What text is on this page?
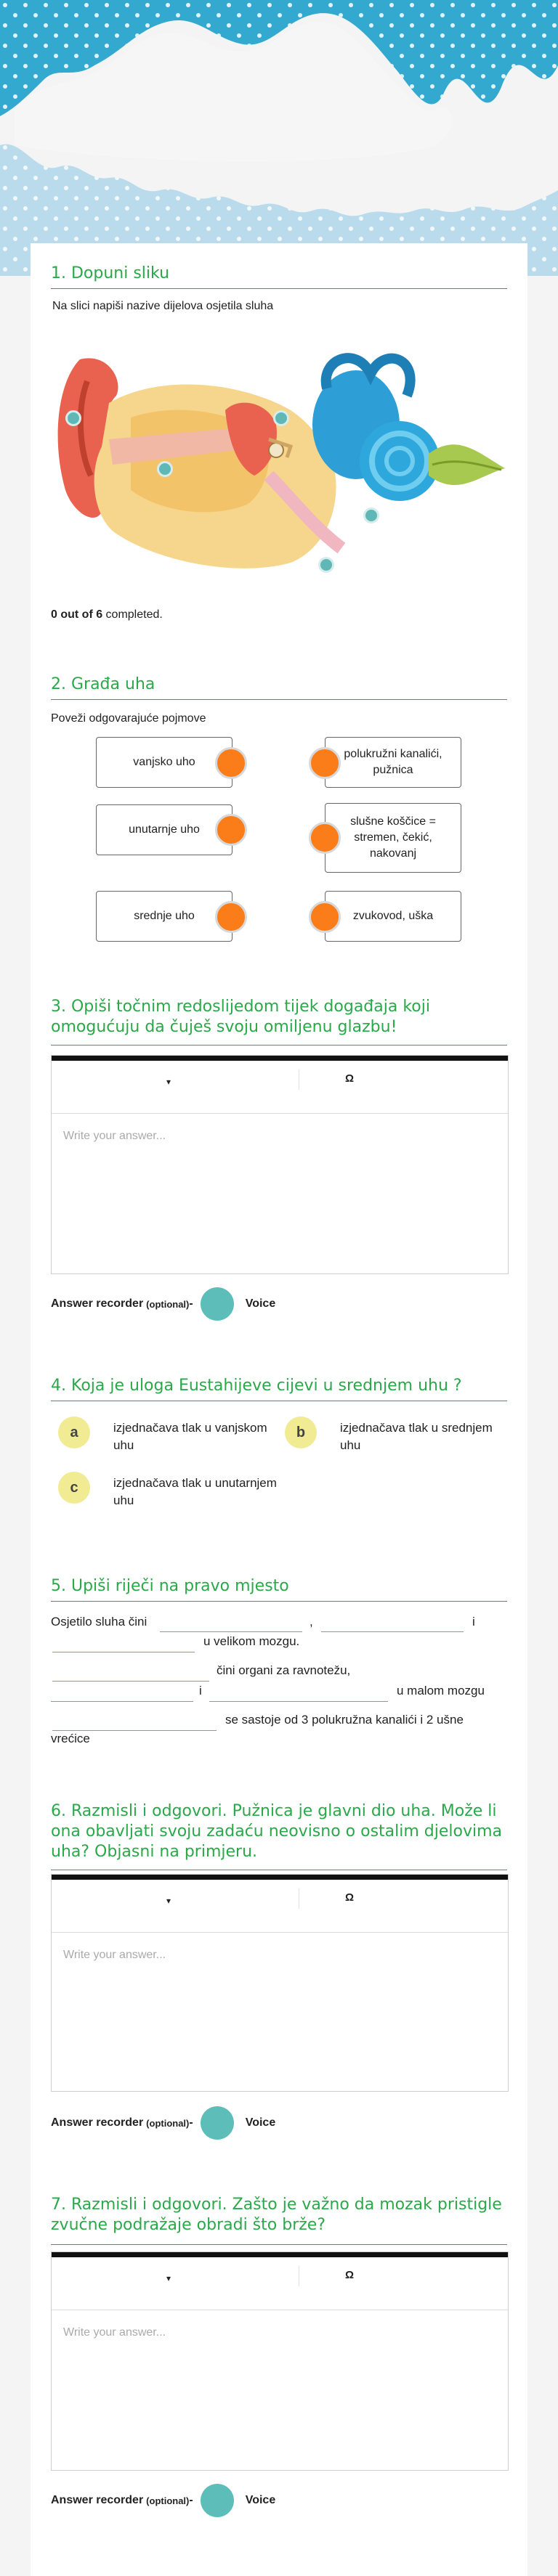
1. Dopuni sliku
Na slici napiši nazive dijelova osjetila sluha
0 out of 6 completed.
2. Građa uha
Poveži odgovarajuće pojmove
vanjsko uho
polukružni kanalići, pužnica
unutarnje uho
slušne koščice = stremen, čekić, nakovanj
srednje uho	zvukovod, uška
3. Opiši točnim redoslijedom tijek događaja koji omogućuju da čuješ svoju omiljenu glazbu!
▾	Ω
Write your answer...
Answer recorder (optional) -	Voice
4. Koja je uloga Eustahijeve cijevi u srednjem uhu ?
a	izjednačava tlak u vanjskom uhu
b	izjednačava tlak u srednjem uhu
c	izjednačava tlak u unutarnjem uhu
5. Upiši riječi na pravo mjesto
Osjetilo sluha čini	,	i
u velikom mozgu.
čini organi za ravnotežu,
i	u malom mozgu
se sastoje od 3 polukružna kanalići i 2 ušne
vrećice
6. Razmisli i odgovori. Pužnica je glavni dio uha. Može li ona obavljati svoju zadaću neovisno o ostalim djelovima uha? Objasni na primjeru.
▾	Ω
Write your answer...
Answer recorder (optional) -	Voice
7. Razmisli i odgovori. Zašto je važno da mozak pristigle zvučne podražaje obradi što brže?
▾	Ω
Write your answer...
Answer recorder (optional) -	Voice
